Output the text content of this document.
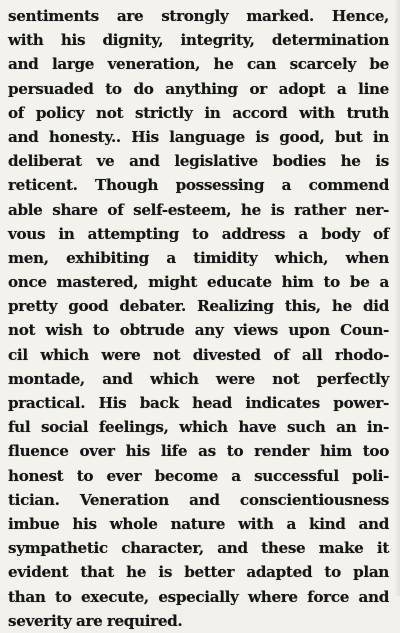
sentiments are strongly marked. Hence,
with his dignity, integrity, determination
and large veneration, he can scarcely be
persuaded to do anything or adopt a line
of policy not strictly in accord with truth
and honesty.. His language is good, but in
deliberat ve and legislative bodies he is
reticent. Though possessing a commend
able share of self-esteem, he is rather ner-
vous in attempting to address a body of
men, exhibiting a timidity which, when
once mastered, might educate him to be a
pretty good debater. Realizing this, he did
not wish to obtrude any views upon Coun-
cil which were not divested of all rhodo-
montade, and which were not perfectly
practical. His back head indicates power-
ful social feelings, which have such an in-
fluence over his life as to render him too
honest to ever become a successful poli-
tician. Veneration and conscientiousness
imbue his whole nature with a kind and
sympathetic character, and these make it
evident that he is better adapted to plan
than to execute, especially where force and
severity are required.
